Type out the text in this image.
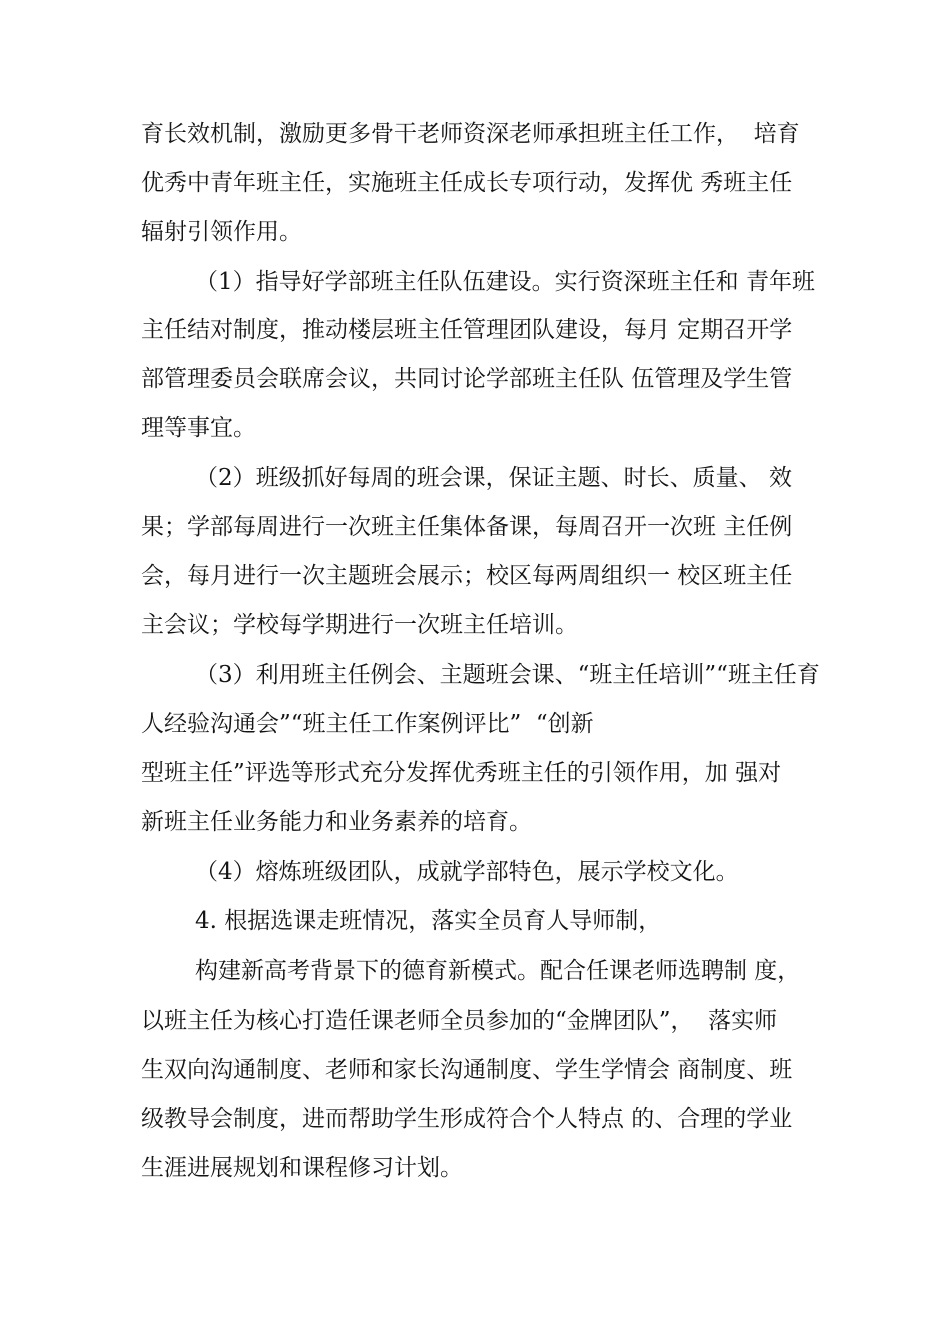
育长效机制，激励更多骨干老师资深老师承担班主任工作，  培育
优秀中青年班主任，实施班主任成长专项行动，发挥优 秀班主任
辐射引领作用。
（1）指导好学部班主任队伍建设。实行资深班主任和 青年班
主任结对制度，推动楼层班主任管理团队建设，每月 定期召开学
部管理委员会联席会议，共同讨论学部班主任队 伍管理及学生管
理等事宜。
（2）班级抓好每周的班会课，保证主题、时长、质量、 效
果；学部每周进行一次班主任集体备课，每周召开一次班 主任例
会，每月进行一次主题班会展示；校区每两周组织一 校区班主任
主会议；学校每学期进行一次班主任培训。
（3）利用班主任例会、主题班会课、“班主任培训”“班主任育
人经验沟通会”“班主任工作案例评比”  “创新
型班主任”评选等形式充分发挥优秀班主任的引领作用，加 强对
新班主任业务能力和业务素养的培育。
（4）熔炼班级团队，成就学部特色，展示学校文化。
4. 根据选课走班情况，落实全员育人导师制，
构建新高考背景下的德育新模式。配合任课老师选聘制 度，
以班主任为核心打造任课老师全员参加的“金牌团队”，  落实师
生双向沟通制度、老师和家长沟通制度、学生学情会 商制度、班
级教导会制度，进而帮助学生形成符合个人特点 的、合理的学业
生涯进展规划和课程修习计划。
